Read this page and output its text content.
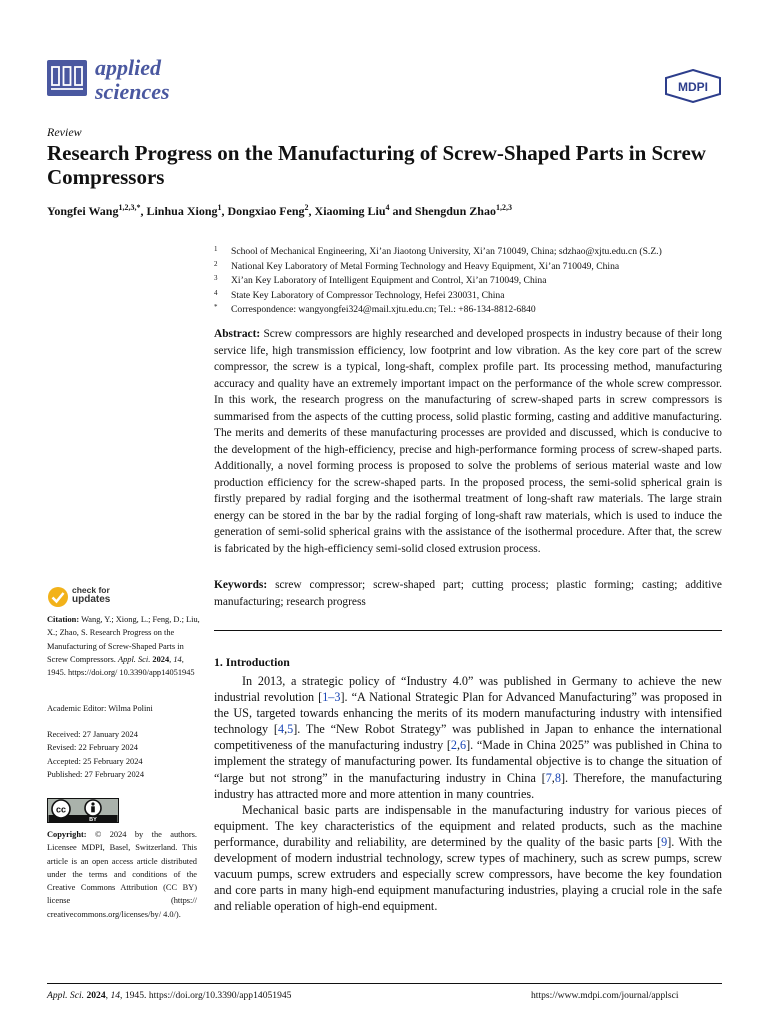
applied
sciences	MDPI
Review
Research Progress on the Manufacturing of Screw-Shaped Parts in Screw Compressors
Yongfei Wang$^{1,2,3,*}$, Linhua Xiong$^1$, Dongxiao Feng$^2$, Xiaoming Liu$^4$ and Shengdun Zhao$^{1,2,3}$
1 School of Mechanical Engineering, Xi’an Jiaotong University, Xi’an 710049, China; sdzhao@xjtu.edu.cn (S.Z.)
2 National Key Laboratory of Metal Forming Technology and Heavy Equipment, Xi’an 710049, China
3 Xi’an Key Laboratory of Intelligent Equipment and Control, Xi’an 710049, China
4 State Key Laboratory of Compressor Technology, Hefei 230031, China
* Correspondence: wangyongfei324@mail.xjtu.edu.cn; Tel.: +86-134-8812-6840
Abstract: Screw compressors are highly researched and developed prospects in industry because of their long service life, high transmission efficiency, low footprint and low vibration. As the key core part of the screw compressor, the screw is a typical, long-shaft, complex profile part. Its processing method, manufacturing accuracy and quality have an extremely important impact on the performance of the whole screw compressor. In this work, the research progress on the manufacturing of screw-shaped parts in screw compressors is summarised from the aspects of the cutting process, solid plastic forming, casting and additive manufacturing. The merits and demerits of these manufacturing processes are provided and discussed, which is conducive to the development of the high-efficiency, precise and high-performance forming process of screw-shaped parts. Additionally, a novel forming process is proposed to solve the problems of serious material waste and low production efficiency for the screw-shaped parts. In the proposed process, the semi-solid spherical grain is firstly prepared by radial forging and the isothermal treatment of long-shaft raw materials. The large strain energy can be stored in the bar by the radial forging of long-shaft raw materials, which is used to induce the generation of semi-solid spherical grains with the assistance of the isothermal procedure. After that, the screw is fabricated by the high-efficiency semi-solid closed extrusion process.
Keywords: screw compressor; screw-shaped part; cutting process; plastic forming; casting; additive manufacturing; research progress
check for
updates
Citation: Wang, Y.; Xiong, L.; Feng, D.; Liu, X.; Zhao, S. Research Progress on the Manufacturing of Screw-Shaped Parts in Screw Compressors. Appl. Sci. 2024, 14, 1945. https://doi.org/ 10.3390/app14051945
Academic Editor: Wilma Polini
Received: 27 January 2024
Revised: 22 February 2024
Accepted: 25 February 2024
Published: 27 February 2024
cc
BY
Copyright: © 2024 by the authors. Licensee MDPI, Basel, Switzerland. This article is an open access article distributed under the terms and conditions of the Creative Commons Attribution (CC BY) license (https:// creativecommons.org/licenses/by/ 4.0/).
1. Introduction

In 2013, a strategic policy of “Industry 4.0” was published in Germany to achieve the new industrial revolution [1–3]. “A National Strategic Plan for Advanced Manufacturing” was proposed in the US, targeted towards enhancing the merits of its modern manufacturing industry with intensified technology [4,5]. The “New Robot Strategy” was published in Japan to enhance the international competitiveness of the manufacturing industry [2,6]. “Made in China 2025” was published in China to implement the strategy of manufacturing power. Its fundamental objective is to change the situation of “large but not strong” in the manufacturing industry in China [7,8]. Therefore, the manufacturing industry has attracted more and more attention in many countries.

Mechanical basic parts are indispensable in the manufacturing industry for various pieces of equipment. The key characteristics of the equipment and related products, such as the machine performance, durability and reliability, are determined by the quality of the basic parts [9]. With the development of modern industrial technology, screw types of machinery, such as screw pumps, screw vacuum pumps, screw extruders and especially screw compressors, have become the key foundation and core parts in many high-end equipment manufacturing industries, playing a crucial role in the safe and reliable operation of high-end equipment.

Appl. Sci. 2024, 14, 1945. https://doi.org/10.3390/app14051945	https://www.mdpi.com/journal/applsci
